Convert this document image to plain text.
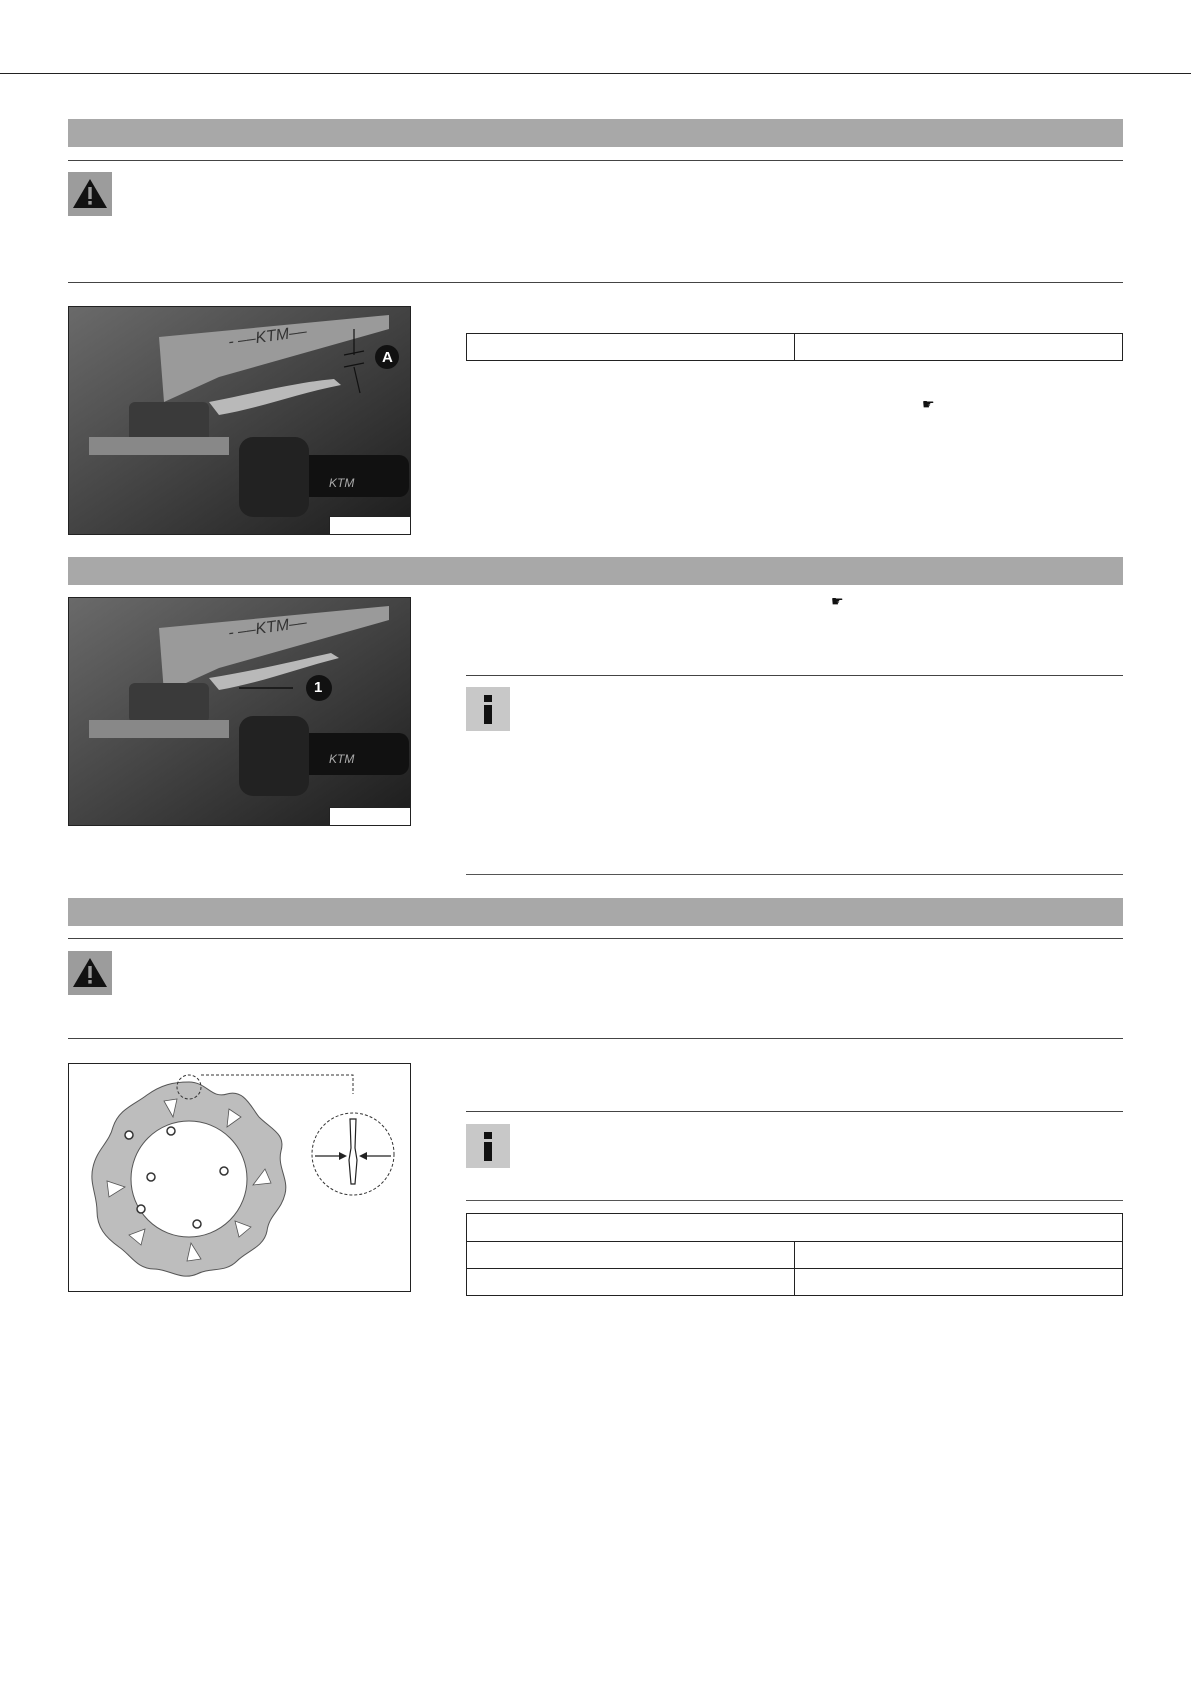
- ––KTM––
KTM
A

☛
- ––KTM––
KTM
1
☛
